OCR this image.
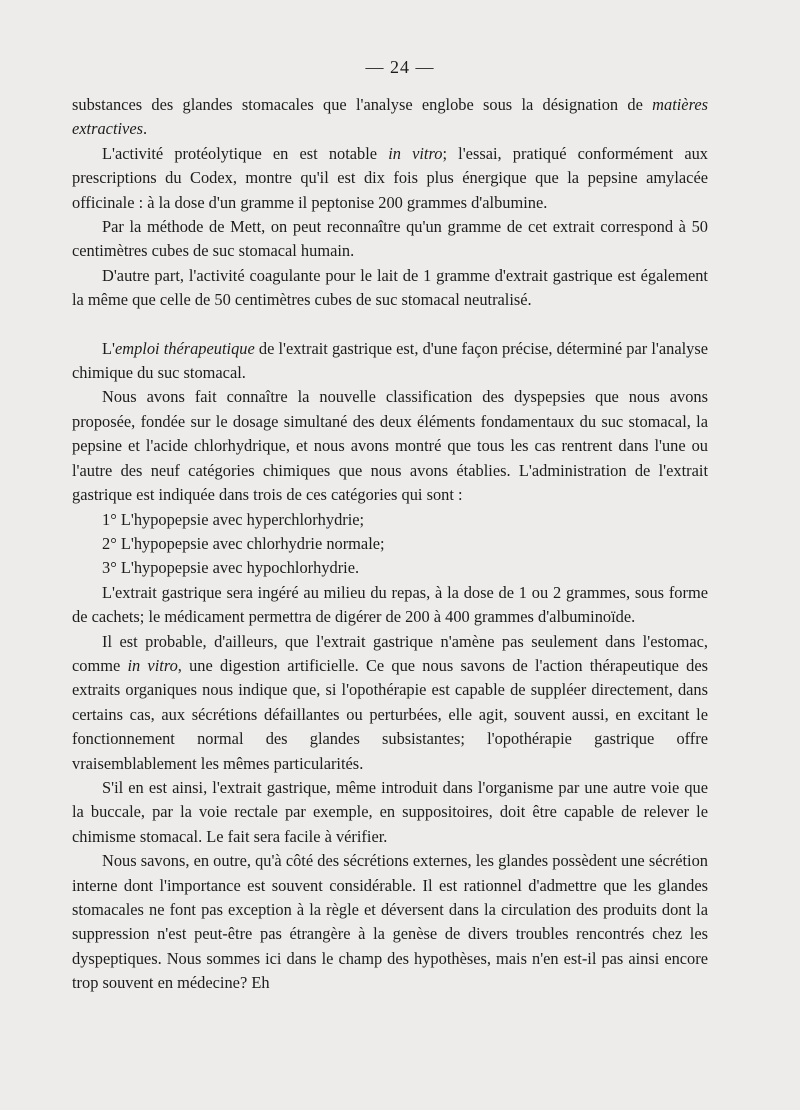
— 24 —

substances des glandes stomacales que l'analyse englobe sous la désignation de matières extractives.

L'activité protéolytique en est notable in vitro; l'essai, pratiqué conformément aux prescriptions du Codex, montre qu'il est dix fois plus énergique que la pepsine amylacée officinale : à la dose d'un gramme il peptonise 200 grammes d'albumine.

Par la méthode de Mett, on peut reconnaître qu'un gramme de cet extrait correspond à 50 centimètres cubes de suc stomacal humain.

D'autre part, l'activité coagulante pour le lait de 1 gramme d'extrait gastrique est également la même que celle de 50 centimètres cubes de suc stomacal neutralisé.

L'emploi thérapeutique de l'extrait gastrique est, d'une façon précise, déterminé par l'analyse chimique du suc stomacal.

Nous avons fait connaître la nouvelle classification des dyspepsies que nous avons proposée, fondée sur le dosage simultané des deux éléments fondamentaux du suc stomacal, la pepsine et l'acide chlorhydrique, et nous avons montré que tous les cas rentrent dans l'une ou l'autre des neuf catégories chimiques que nous avons établies. L'administration de l'extrait gastrique est indiquée dans trois de ces catégories qui sont :

1° L'hypopepsie avec hyperchlorhydrie;

2° L'hypopepsie avec chlorhydrie normale;

3° L'hypopepsie avec hypochlorhydrie.

L'extrait gastrique sera ingéré au milieu du repas, à la dose de 1 ou 2 grammes, sous forme de cachets; le médicament permettra de digérer de 200 à 400 grammes d'albuminoïde.

Il est probable, d'ailleurs, que l'extrait gastrique n'amène pas seulement dans l'estomac, comme in vitro, une digestion artificielle. Ce que nous savons de l'action thérapeutique des extraits organiques nous indique que, si l'opothérapie est capable de suppléer directement, dans certains cas, aux sécrétions défaillantes ou perturbées, elle agit, souvent aussi, en excitant le fonctionnement normal des glandes subsistantes; l'opothérapie gastrique offre vraisemblablement les mêmes particularités.

S'il en est ainsi, l'extrait gastrique, même introduit dans l'organisme par une autre voie que la buccale, par la voie rectale par exemple, en suppositoires, doit être capable de relever le chimisme stomacal. Le fait sera facile à vérifier.

Nous savons, en outre, qu'à côté des sécrétions externes, les glandes possèdent une sécrétion interne dont l'importance est souvent considérable. Il est rationnel d'admettre que les glandes stomacales ne font pas exception à la règle et déversent dans la circulation des produits dont la suppression n'est peut-être pas étrangère à la genèse de divers troubles rencontrés chez les dyspeptiques. Nous sommes ici dans le champ des hypothèses, mais n'en est-il pas ainsi encore trop souvent en médecine? Eh
